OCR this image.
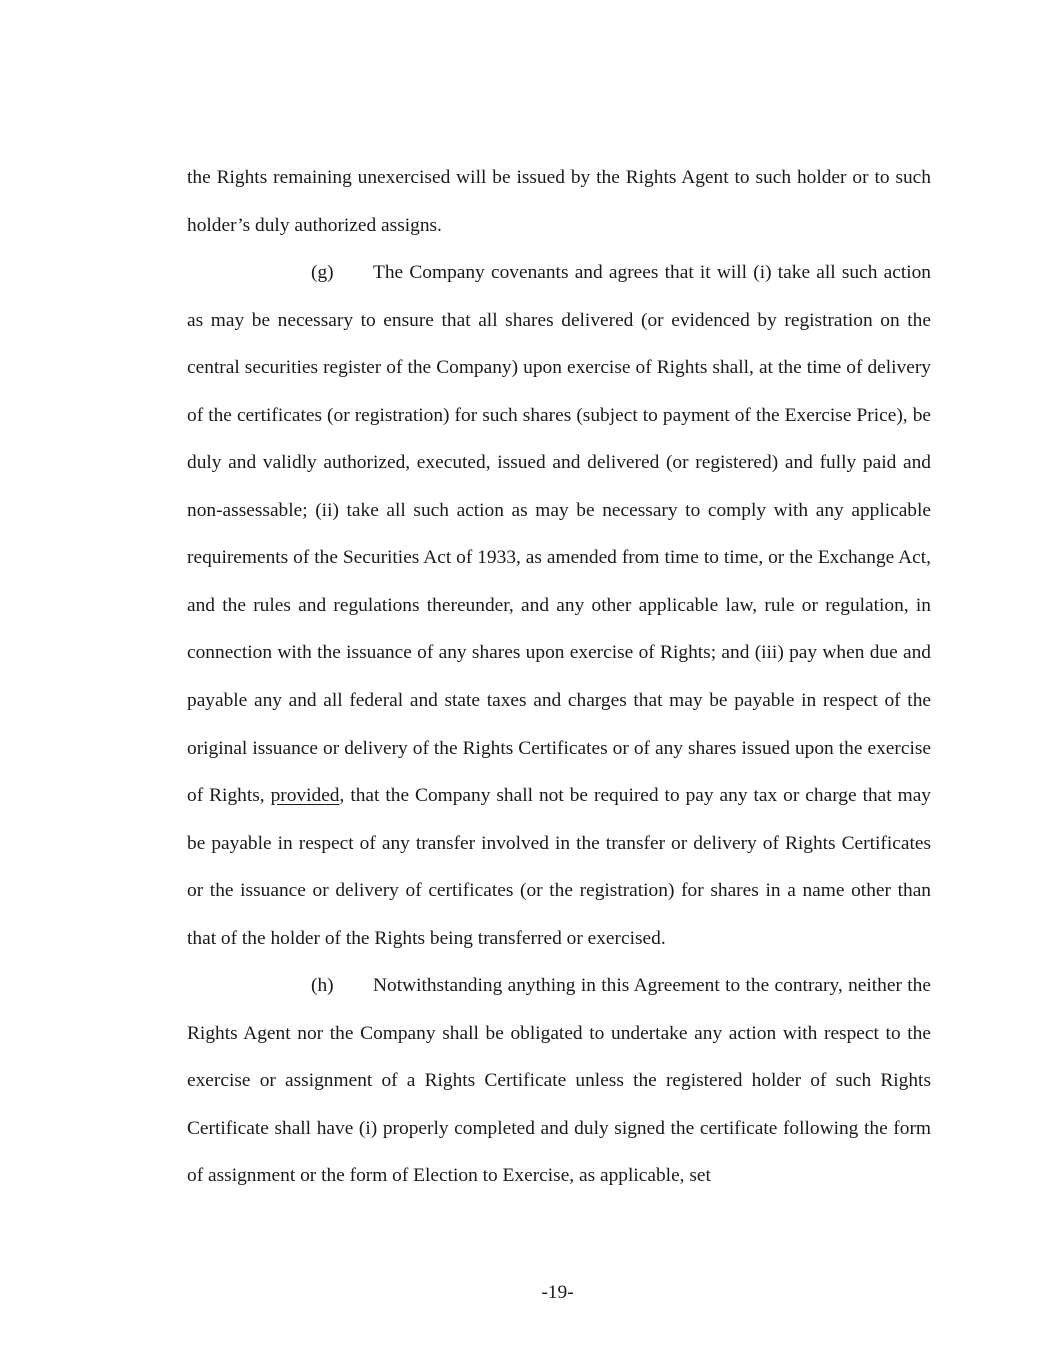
the Rights remaining unexercised will be issued by the Rights Agent to such holder or to such holder’s duly authorized assigns.

(g) The Company covenants and agrees that it will (i) take all such action as may be necessary to ensure that all shares delivered (or evidenced by registration on the central securities register of the Company) upon exercise of Rights shall, at the time of delivery of the certificates (or registration) for such shares (subject to payment of the Exercise Price), be duly and validly authorized, executed, issued and delivered (or registered) and fully paid and non-assessable; (ii) take all such action as may be necessary to comply with any applicable requirements of the Securities Act of 1933, as amended from time to time, or the Exchange Act, and the rules and regulations thereunder, and any other applicable law, rule or regulation, in connection with the issuance of any shares upon exercise of Rights; and (iii) pay when due and payable any and all federal and state taxes and charges that may be payable in respect of the original issuance or delivery of the Rights Certificates or of any shares issued upon the exercise of Rights, provided, that the Company shall not be required to pay any tax or charge that may be payable in respect of any transfer involved in the transfer or delivery of Rights Certificates or the issuance or delivery of certificates (or the registration) for shares in a name other than that of the holder of the Rights being transferred or exercised.

(h) Notwithstanding anything in this Agreement to the contrary, neither the Rights Agent nor the Company shall be obligated to undertake any action with respect to the exercise or assignment of a Rights Certificate unless the registered holder of such Rights Certificate shall have (i) properly completed and duly signed the certificate following the form of assignment or the form of Election to Exercise, as applicable, set

-19-
